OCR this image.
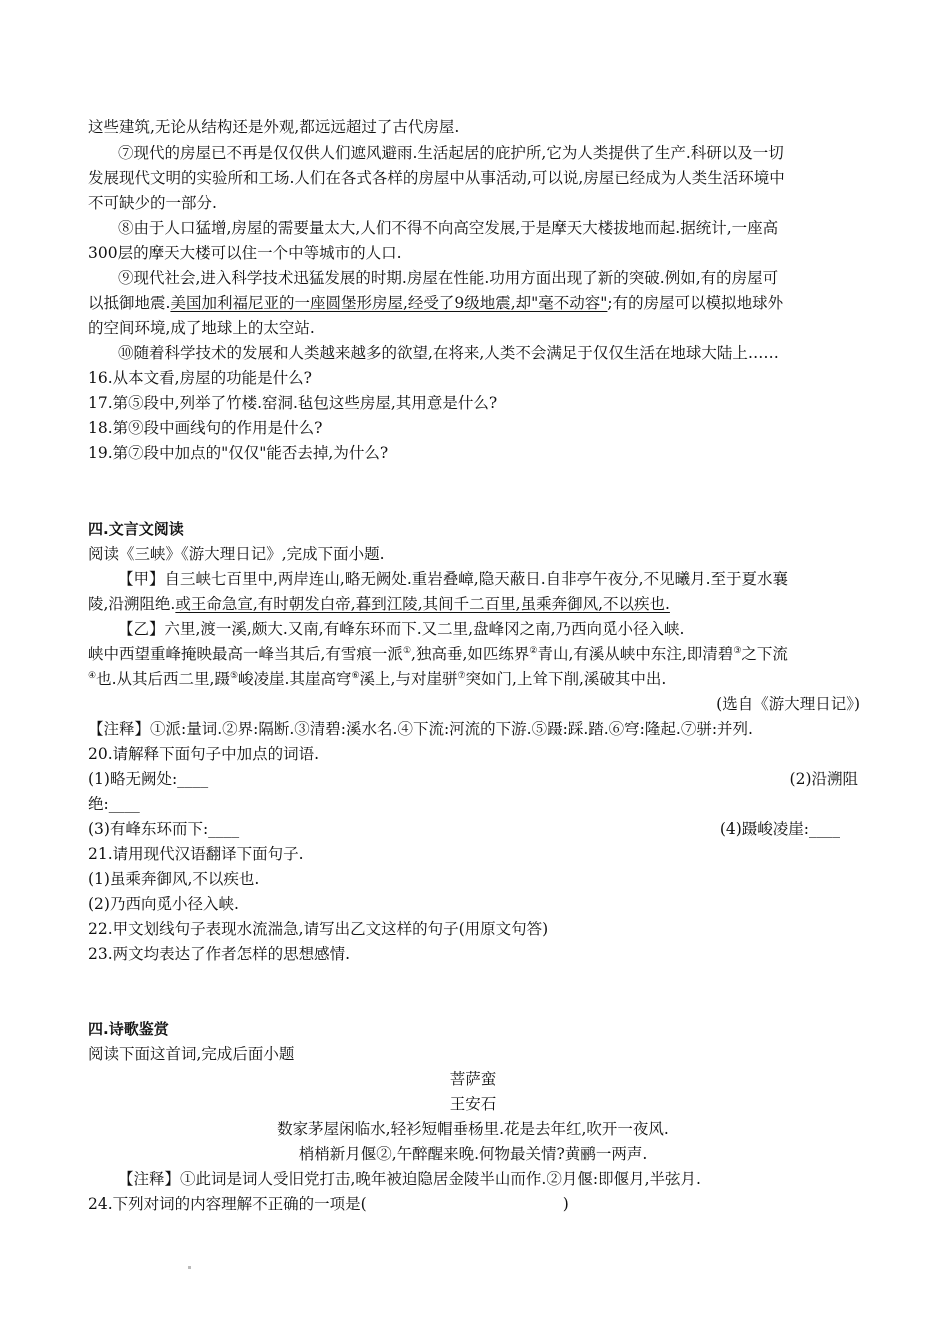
这些建筑,无论从结构还是外观,都远远超过了古代房屋.
⑦现代的房屋已不再是仅仅供人们遮风避雨.生活起居的庇护所,它为人类提供了生产.科研以及一切
发展现代文明的实验所和工场.人们在各式各样的房屋中从事活动,可以说,房屋已经成为人类生活环境中
不可缺少的一部分.
⑧由于人口猛增,房屋的需要量太大,人们不得不向高空发展,于是摩天大楼拔地而起.据统计,一座高
300层的摩天大楼可以住一个中等城市的人口.
⑨现代社会,进入科学技术迅猛发展的时期.房屋在性能.功用方面出现了新的突破.例如,有的房屋可
以抵御地震.美国加利福尼亚的一座圆堡形房屋,经受了9级地震,却"毫不动容";有的房屋可以模拟地球外
的空间环境,成了地球上的太空站.
⑩随着科学技术的发展和人类越来越多的欲望,在将来,人类不会满足于仅仅生活在地球大陆上……
16.从本文看,房屋的功能是什么?
17.第⑤段中,列举了竹楼.窑洞.毡包这些房屋,其用意是什么?
18.第⑨段中画线句的作用是什么?
19.第⑦段中加点的"仅仅"能否去掉,为什么?
四.文言文阅读
阅读《三峡》《游大理日记》,完成下面小题.
【甲】自三峡七百里中,两岸连山,略无阙处.重岩叠嶂,隐天蔽日.自非亭午夜分,不见曦月.至于夏水襄
陵,沿溯阻绝.或王命急宣,有时朝发白帝,暮到江陵,其间千二百里,虽乘奔御风,不以疾也.
【乙】六里,渡一溪,颇大.又南,有峰东环而下.又二里,盘峰冈之南,乃西向觅小径入峡.
峡中西望重峰掩映最高一峰当其后,有雪痕一派①,独高垂,如匹练界②青山,有溪从峡中东注,即清碧③之下流
④也.从其后西二里,蹑⑤峻凌崖.其崖高穹⑥溪上,与对崖骈⑦突如门,上耸下削,溪破其中出.
(选自《游大理日记》)
【注释】①派:量词.②界:隔断.③清碧:溪水名.④下流:河流的下游.⑤蹑:踩.踏.⑥穹:隆起.⑦骈:并列.
20.请解释下面句子中加点的词语.
(1)略无阙处:____	(2)沿溯阻
绝:____
(3)有峰东环而下:____	(4)蹑峻凌崖:____
21.请用现代汉语翻译下面句子.
(1)虽乘奔御风,不以疾也.
(2)乃西向觅小径入峡.
22.甲文划线句子表现水流湍急,请写出乙文这样的句子(用原文句答)
23.两文均表达了作者怎样的思想感情.
四.诗歌鉴赏
阅读下面这首词,完成后面小题
菩萨蛮
王安石
数家茅屋闲临水,轻衫短帽垂杨里.花是去年红,吹开一夜风.
梢梢新月偃②,午醉醒来晚.何物最关情?黄鹂一两声.
【注释】①此词是词人受旧党打击,晚年被迫隐居金陵半山而作.②月偃:即偃月,半弦月.
24.下列对词的内容理解不正确的一项是(	)
